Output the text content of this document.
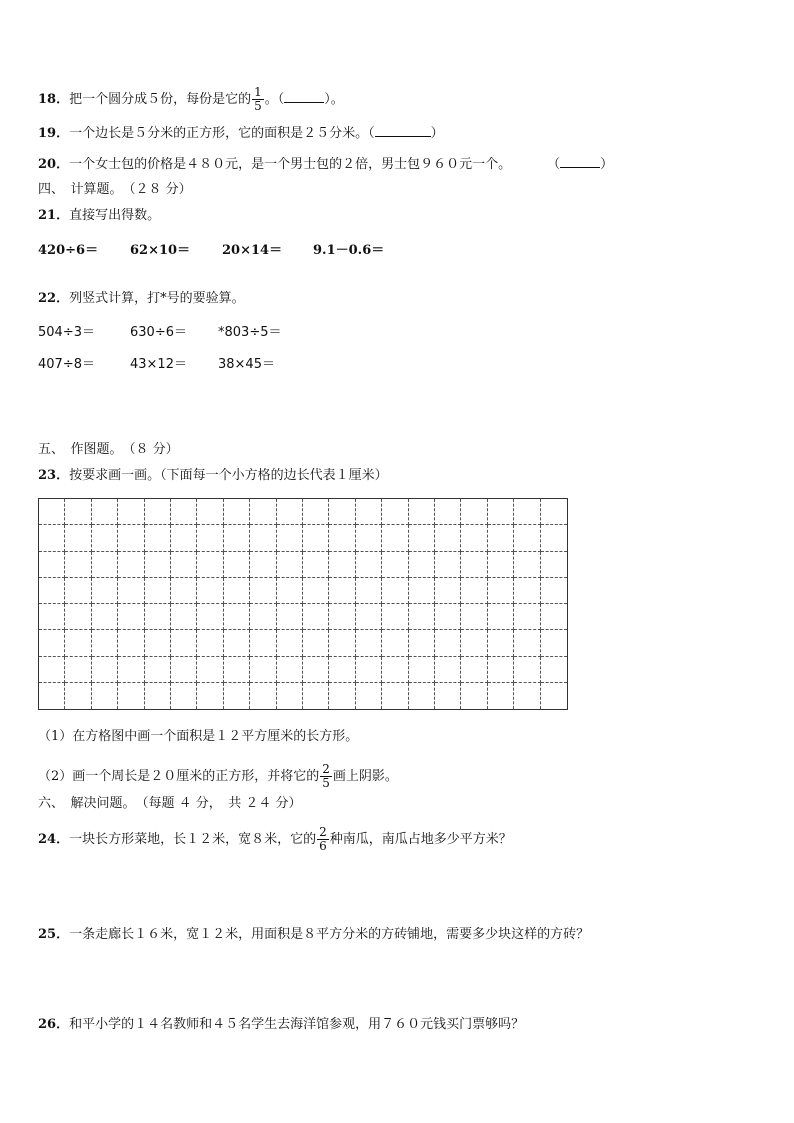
18．把一个圆分成５份，每份是它的 $\frac{1}{5}$ 。（	）。
19．一个边长是５分米的正方形，它的面积是２５分米。（	）
20．一个女士包的价格是４８０元，是一个男士包的２倍，男士包９６０元一个。	（	）
四、　计算题。　（２８ 分）
21．直接写出得数。
420÷6＝ 62×10＝ 20×14＝ 9.1－0.6＝
22．列竖式计算，打*号的要验算。
504÷3＝	630÷6＝ *803÷5＝
407÷8＝	43×12＝ 38×45＝
五、　作图题。　（８ 分）
23．按要求画一画。（下面每一个小方格的边长代表１厘米）
（1）在方格图中画一个面积是１２平方厘米的长方形。
（2）画一个周长是２０厘米的正方形，并将它的 $\frac{2}{5}$ 画上阴影。
六、　解决问题。　（每题 ４ 分，　共 ２４ 分）
24．一块长方形菜地，长１２米，宽８米，它的 $\frac{2}{6}$ 种南瓜，南瓜占地多少平方米？
25．一条走廊长１６米，宽１２米，用面积是８平方分米的方砖铺地，需要多少块这样的方砖？
26．和平小学的１４名教师和４５名学生去海洋馆参观，用７６０元钱买门票够吗？
